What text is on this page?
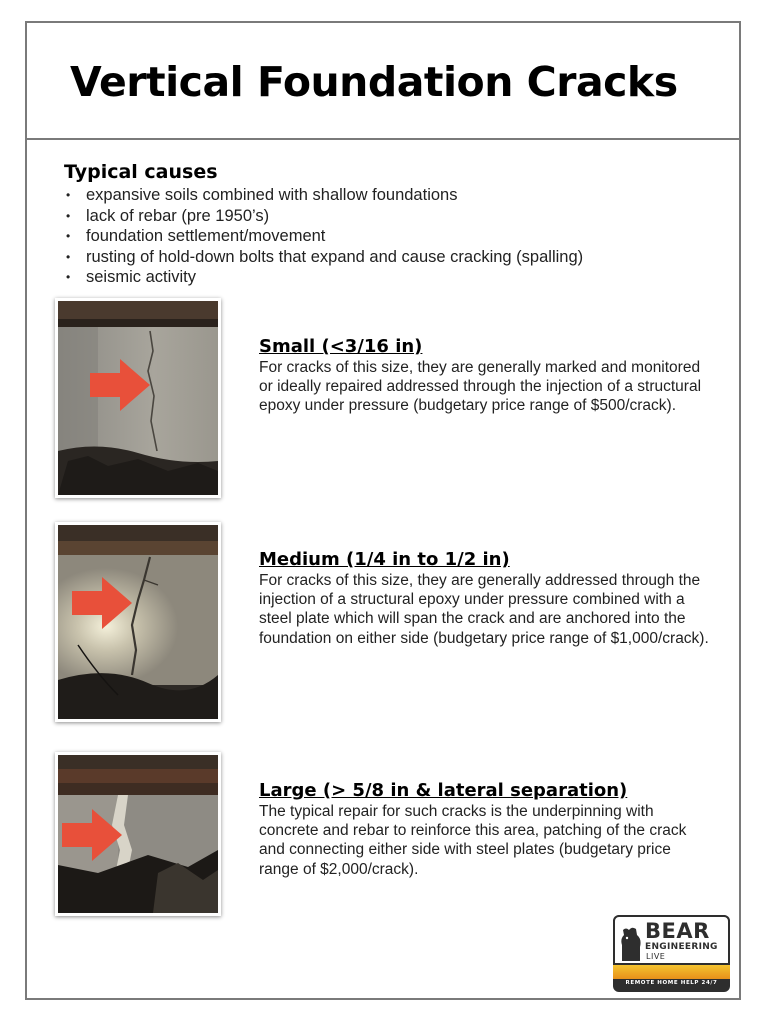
Vertical Foundation Cracks
Typical causes
• expansive soils combined with shallow foundations
• lack of rebar (pre 1950’s)
• foundation settlement/movement
• rusting of hold-down bolts that expand and cause cracking (spalling)
• seismic activity
Small (<3/16 in)

For cracks of this size, they are generally marked and monitored or ideally repaired addressed through the injection of a structural epoxy under pressure (budgetary price range of $500/crack).

Medium (1/4 in to 1/2 in)

For cracks of this size, they are generally addressed through the injection of a structural epoxy under pressure combined with a steel plate which will span the crack and are anchored into the foundation on either side (budgetary price range of $1,000/crack).

Large (> 5/8 in & lateral separation)

The typical repair for such cracks is the underpinning with concrete and rebar to reinforce this area, patching of the crack and connecting either side with steel plates (budgetary price range of $2,000/crack).

BEAR
ENGINEERING
LIVE
REMOTE HOME HELP 24/7
